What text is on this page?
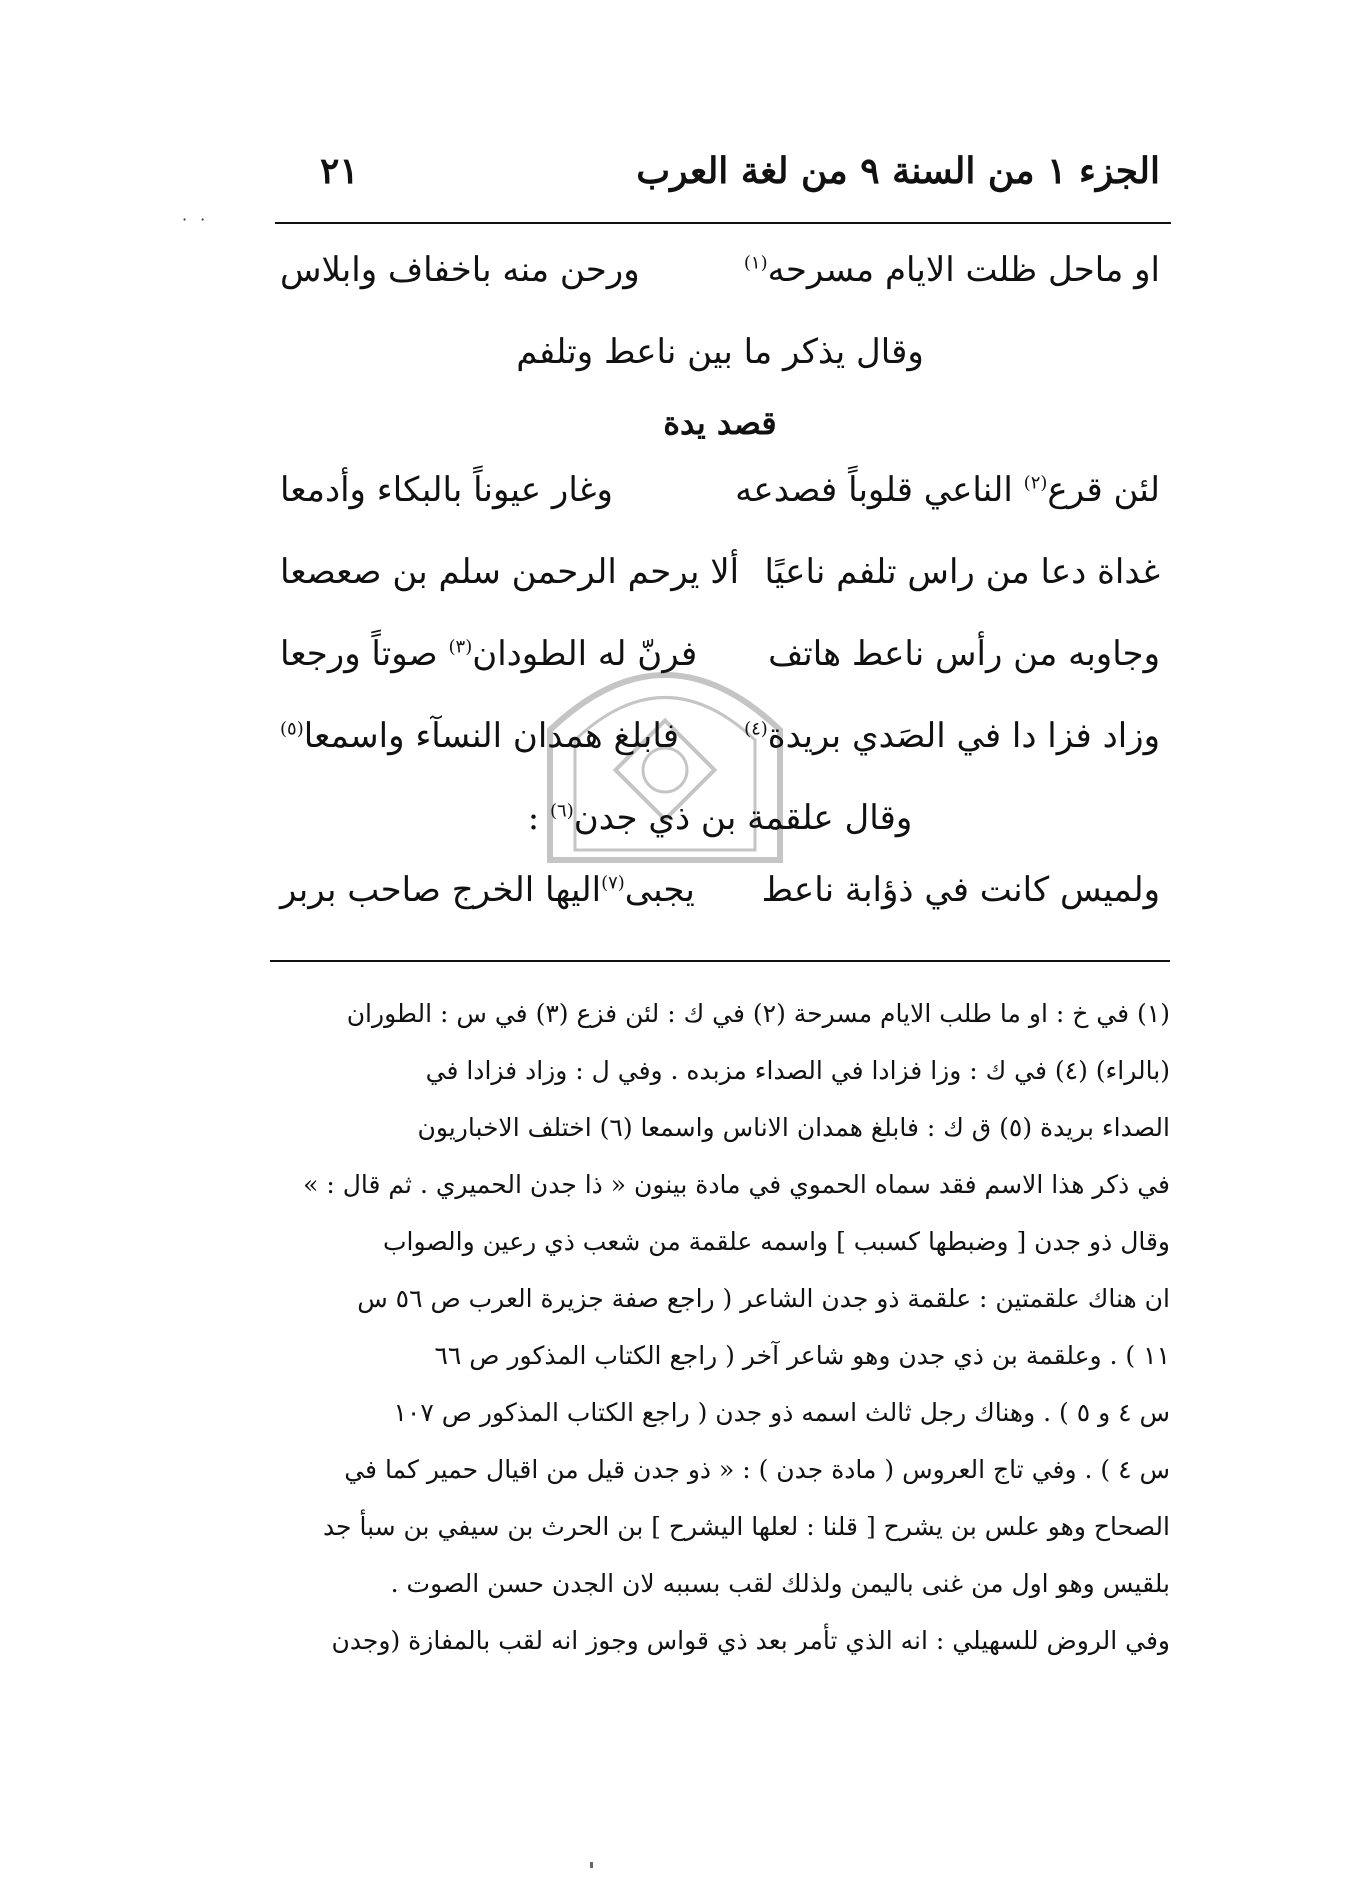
الجزء ١ من السنة ٩ من لغة العرب
٢١
· ·
او ماحل ظلت الايام مسرحه$^{(١)}$
ورحن منه باخفاف وابلاس
وقال يذكر ما بين ناعط وتلفم
قصد يدة
لئن قرع$^{(٢)}$ الناعي قلوباً فصدعه
وغار عيوناً بالبكاء وأدمعا
غداة دعا من راس تلفم ناعيًا
ألا يرحم الرحمن سلم بن صعصعا
وجاوبه من رأس ناعط هاتف
فرنّ له الطودان$^{(٣)}$ صوتاً ورجعا
وزاد فزا دا في الصَدي بريدة$^{(٤)}$
فابلغ همدان النسآء واسمعا$^{(٥)}$
وقال علقمة بن ذي جدن$^{(٦)}$ :
ولميس كانت في ذؤابة ناعط
يجبى$^{(٧)}$اليها الخرج صاحب بربر

(١) في خ : او ما طلب الايام مسرحة (٢) في ك : لئن فزع (٣) في س : الطوران

(بالراء) (٤) في ك : وزا فزادا في الصداء مزبده . وفي ل : وزاد فزادا في

الصداء بريدة (٥) ق ك : فابلغ همدان الاناس واسمعا (٦) اختلف الاخباريون

في ذكر هذا الاسم فقد سماه الحموي في مادة بينون « ذا جدن الحميري . ثم قال : »

وقال ذو جدن [ وضبطها كسبب ] واسمه علقمة من شعب ذي رعين والصواب

ان هناك علقمتين : علقمة ذو جدن الشاعر ( راجع صفة جزيرة العرب ص ٥٦ س

١١ ) . وعلقمة بن ذي جدن وهو شاعر آخر ( راجع الكتاب المذكور ص ٦٦

س ٤ و ٥ ) . وهناك رجل ثالث اسمه ذو جدن ( راجع الكتاب المذكور ص ١٠٧

س ٤ ) . وفي تاج العروس ( مادة جدن ) : « ذو جدن قيل من اقيال حمير كما في

الصحاح وهو علس بن يشرح [ قلنا : لعلها اليشرح ] بن الحرث بن سيفي بن سبأ جد

بلقيس وهو اول من غنى باليمن ولذلك لقب بسببه لان الجدن حسن الصوت .

وفي الروض للسهيلي : انه الذي تأمر بعد ذي قواس وجوز انه لقب بالمفازة (وجدن
